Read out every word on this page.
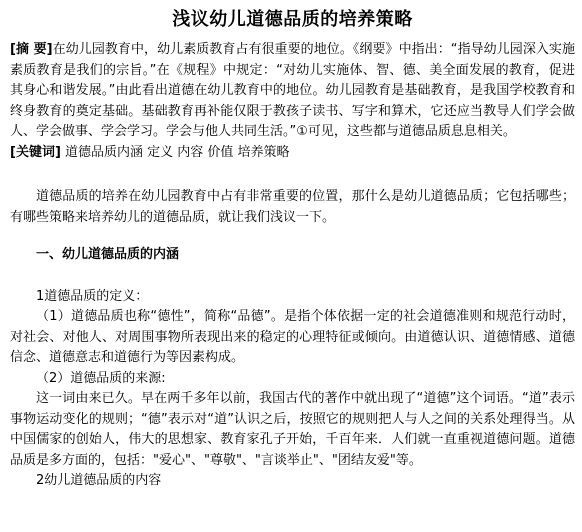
浅议幼儿道德品质的培养策略

[摘 要]在幼儿园教育中，幼儿素质教育占有很重要的地位。《纲要》中指出：“指导幼儿园深入实施素质教育是我们的宗旨。”在《规程》中规定：“对幼儿实施体、智、德、美全面发展的教育，促进其身心和谐发展。”由此看出道德在幼儿教育中的地位。幼儿园教育是基础教育，是我国学校教育和终身教育的奠定基础。基础教育再补能仅限于教孩子读书、写字和算术，它还应当教导人们学会做人、学会做事、学会学习。学会与他人共同生活。”①可见，这些都与道德品质息息相关。

[关键词] 道德品质内涵 定义 内容 价值 培养策略

道德品质的培养在幼儿园教育中占有非常重要的位置，那什么是幼儿道德品质；它包括哪些；有哪些策略来培养幼儿的道德品质，就让我们浅议一下。

一、幼儿道德品质的内涵

1道德品质的定义：

（1）道德品质也称“德性”，简称“品德”。是指个体依据一定的社会道德准则和规范行动时，对社会、对他人、对周围事物所表现出来的稳定的心理特征或倾向。由道德认识、道德情感、道德信念、道德意志和道德行为等因素构成。

（2）道德品质的来源:

这一词由来已久。早在两千多年以前，我国古代的著作中就出现了“道德”这个词语。“道”表示事物运动变化的规则；“德”表示对“道”认识之后，按照它的规则把人与人之间的关系处理得当。从中国儒家的创始人，伟大的思想家、教育家孔子开始，千百年来．人们就一直重视道德问题。道德品质是多方面的，包括："爱心"、"尊敬"、"言谈举止"、"团结友爱"等。

2幼儿道德品质的内容
